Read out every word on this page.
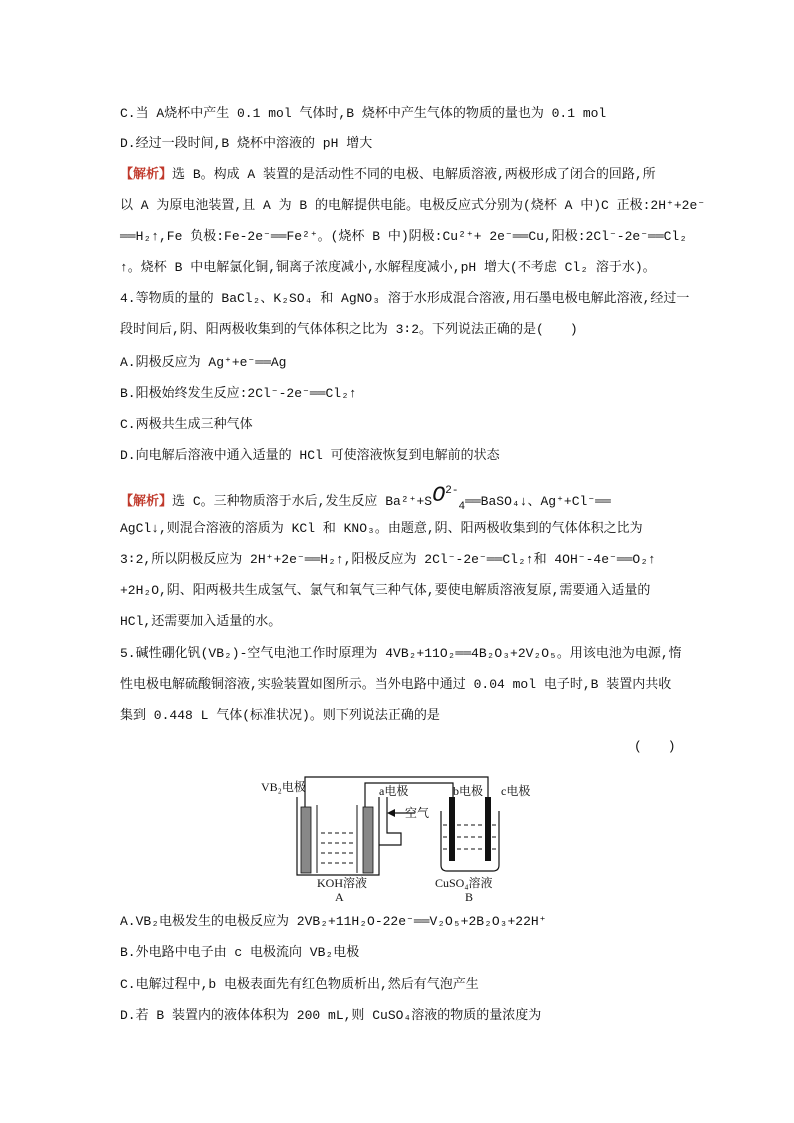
C.当 A烧杯中产生 0.1 mol 气体时,B 烧杯中产生气体的物质的量也为 0.1 mol
D.经过一段时间,B 烧杯中溶液的 pH 增大
【解析】选 B。构成 A 装置的是活动性不同的电极、电解质溶液,两极形成了闭合的回路,所
以 A 为原电池装置,且 A 为 B 的电解提供电能。电极反应式分别为(烧杯 A 中)C 正极:2H⁺+2e⁻
══H₂↑,Fe 负极:Fe-2e⁻══Fe²⁺。(烧杯 B 中)阴极:Cu²⁺+ 2e⁻══Cu,阳极:2Cl⁻-2e⁻══Cl₂
↑。烧杯 B 中电解氯化铜,铜离子浓度减小,水解程度减小,pH 增大(不考虑 Cl₂ 溶于水)。
4.等物质的量的 BaCl₂、K₂SO₄ 和 AgNO₃ 溶于水形成混合溶液,用石墨电极电解此溶液,经过一
段时间后,阴、阳两极收集到的气体体积之比为 3∶2。下列说法正确的是(　　)
A.阴极反应为 Ag⁺+e⁻══Ag
B.阳极始终发生反应:2Cl⁻-2e⁻══Cl₂↑
C.两极共生成三种气体
D.向电解后溶液中通入适量的 HCl 可使溶液恢复到电解前的状态
【解析】选 C。三种物质溶于水后,发生反应 $Ba^{2+}+SO^{2-}_4══BaSO_4↓$、Ag⁺+Cl⁻══
AgCl↓,则混合溶液的溶质为 KCl 和 KNO₃。由题意,阴、阳两极收集到的气体体积之比为
3∶2,所以阴极反应为 2H⁺+2e⁻══H₂↑,阳极反应为 2Cl⁻-2e⁻══Cl₂↑和 4OH⁻-4e⁻══O₂↑
+2H₂O,阴、阳两极共生成氢气、氯气和氧气三种气体,要使电解质溶液复原,需要通入适量的
HCl,还需要加入适量的水。
5.碱性硼化钒(VB₂)-空气电池工作时原理为 4VB₂+11O₂══4B₂O₃+2V₂O₅。用该电池为电源,惰
性电极电解硫酸铜溶液,实验装置如图所示。当外电路中通过 0.04 mol 电子时,B 装置内共收
集到 0.448 L 气体(标准状况)。则下列说法正确的是
(　　)
VB₂电极	a电极
空气
b电极 c电极
KOH溶液
A
CuSO₄溶液
B
A.VB₂电极发生的电极反应为 2VB₂+11H₂O-22e⁻══V₂O₅+2B₂O₃+22H⁺
B.外电路中电子由 c 电极流向 VB₂电极
C.电解过程中,b 电极表面先有红色物质析出,然后有气泡产生
D.若 B 装置内的液体体积为 200 mL,则 CuSO₄溶液的物质的量浓度为
